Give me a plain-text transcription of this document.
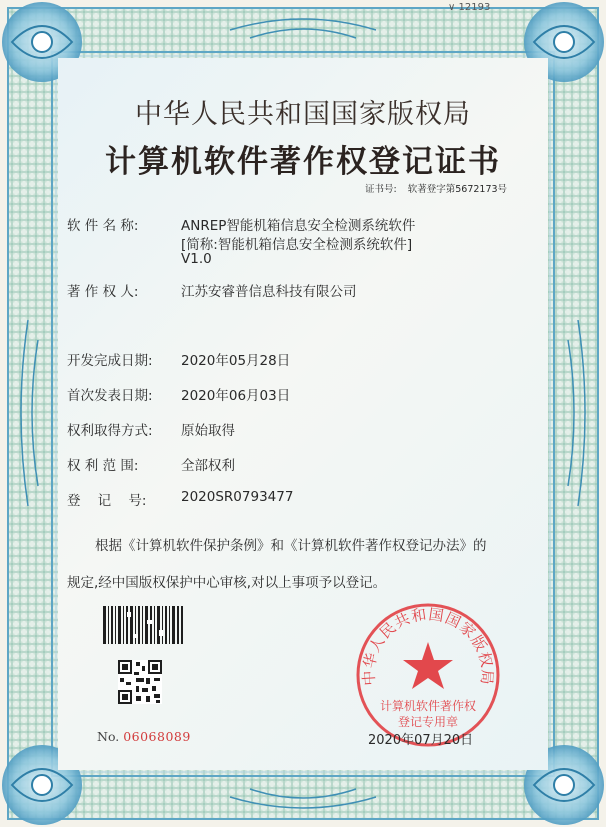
∨ 12193
中华人民共和国国家版权局
计算机软件著作权登记证书
证书号: 软著登字第5672173号
软 件 名 称:	ANREP智能机箱信息安全检测系统软件
[简称:智能机箱信息安全检测系统软件]
V1.0
著 作 权 人:	江苏安睿普信息科技有限公司
开发完成日期: 2020年05月28日
首次发表日期: 2020年06月03日
权利取得方式: 原始取得
权 利 范 围:	全部权利
登    记    号:	2020SR0793477
根据《计算机软件保护条例》和《计算机软件著作权登记办法》的
规定,经中国版权保护中心审核,对以上事项予以登记。
No. 06068089
中华人民共和国国家版权局
计算机软件著作权
登记专用章
2020年07月20日
